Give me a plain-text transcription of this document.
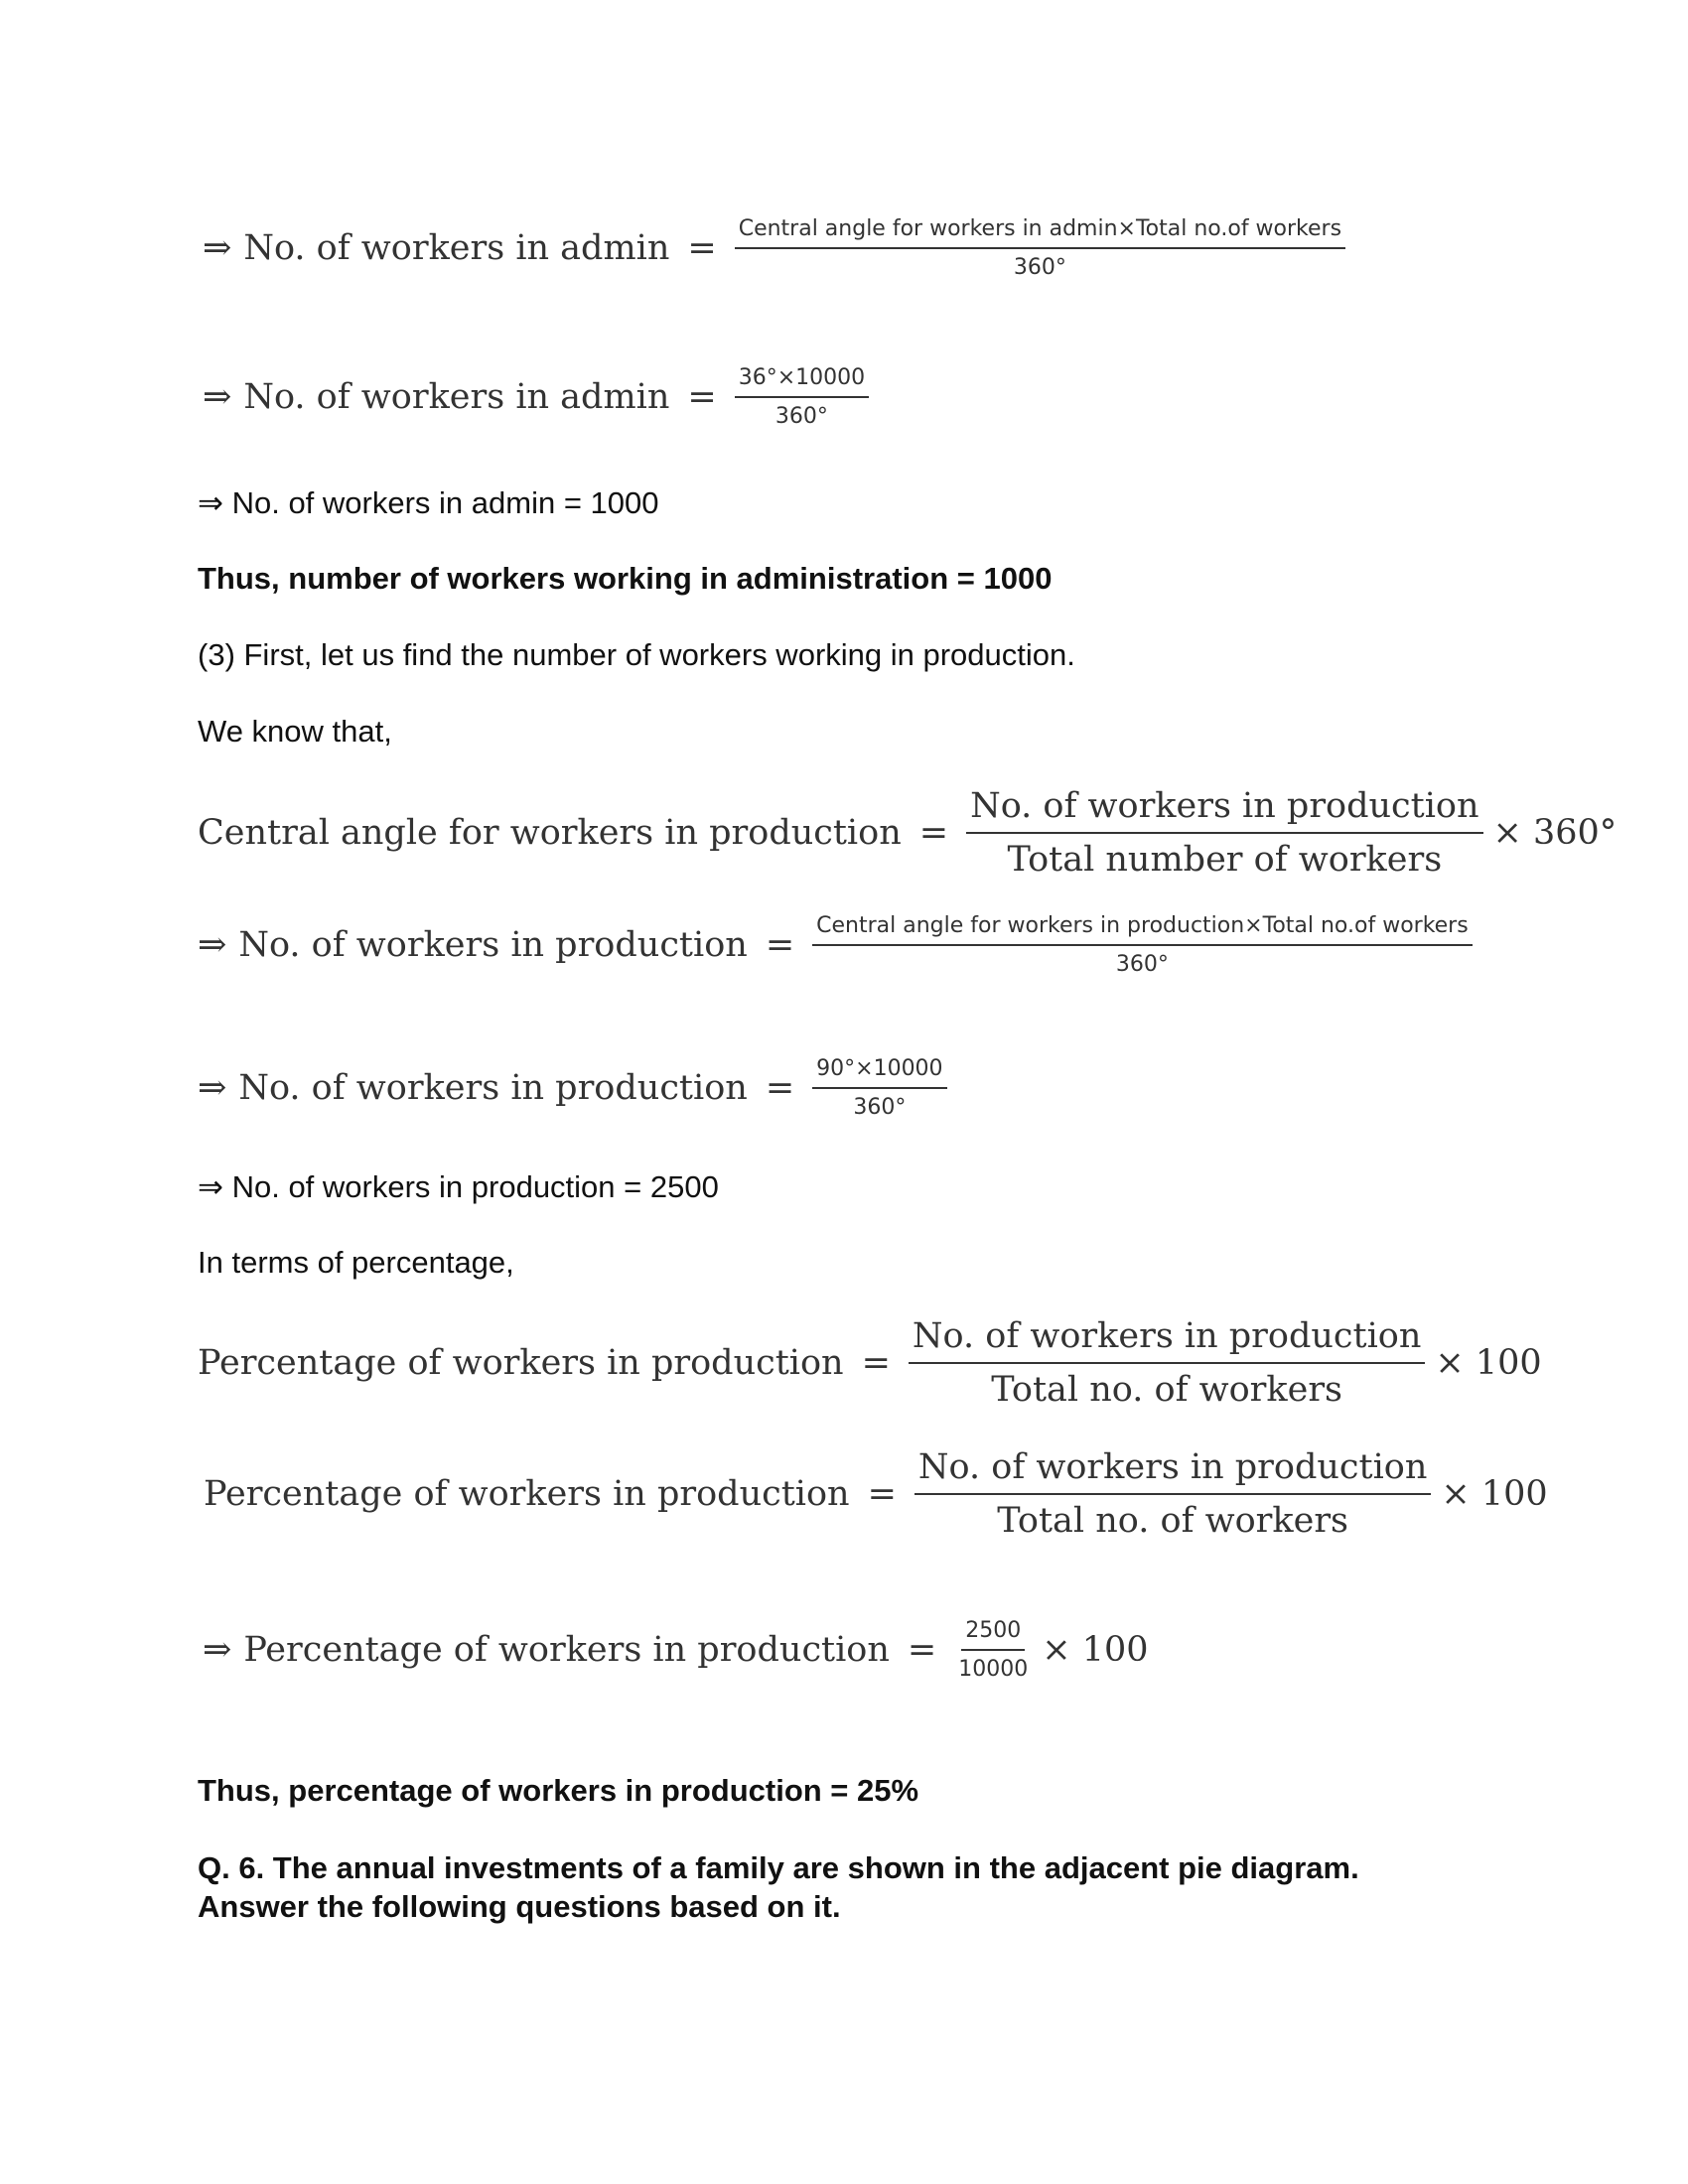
⇒ No. of workers in $admin = \frac{\text{Central angle for workers in admin×Total no.of workers}}{360^\circ}$
⇒ No. of workers in $admin = \frac{36^\circ\times 10000}{360^\circ}$
⇒ No. of workers in admin = 1000
Thus, number of workers working in administration = 1000
(3) First, let us find the number of workers working in production.
We know that,
Central angle for workers in production = $\frac{\text{No. of workers in production}}{\text{Total number of workers}} \times 360^\circ$
⇒ No. of workers in production = $\frac{\text{Central angle for workers in production×Total no.of workers}}{360^\circ}$
⇒ No. of workers in production = $\frac{90^\circ\times 10000}{360^\circ}$
⇒ No. of workers in production = 2500
In terms of percentage,
Percentage of workers in production = $\frac{\text{No. of workers in production}}{\text{Total no. of workers}} \times 100$
Percentage of workers in production = $\frac{\text{No. of workers in production}}{\text{Total no. of workers}} \times 100$
⇒ Percentage of workers in production = $\frac{2500}{10000} \times 100$
Thus, percentage of workers in production = 25%
Q. 6. The annual investments of a family are shown in the adjacent pie diagram.
Answer the following questions based on it.
